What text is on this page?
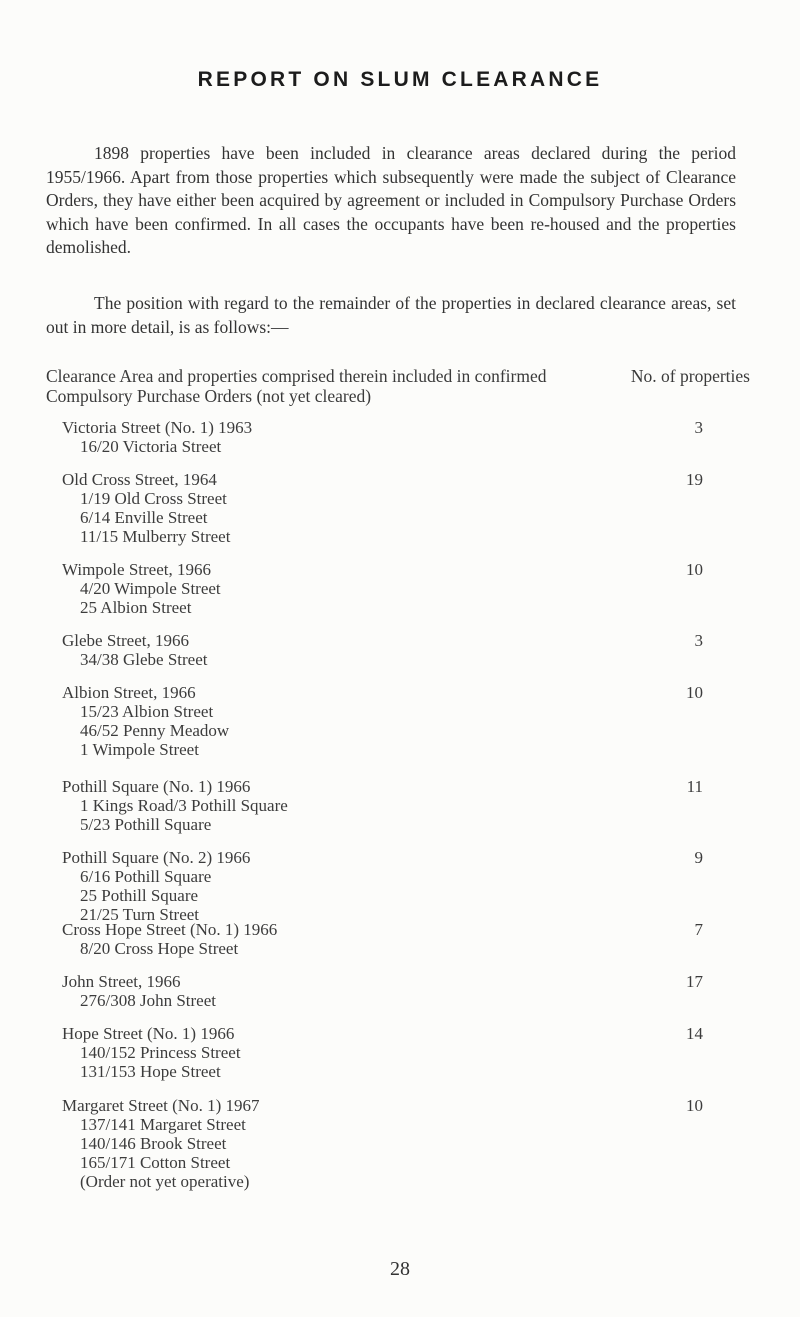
REPORT ON SLUM CLEARANCE

1898 properties have been included in clearance areas declared during the period 1955/1966. Apart from those properties which subsequently were made the subject of Clearance Orders, they have either been acquired by agreement or included in Compulsory Purchase Orders which have been confirmed. In all cases the occupants have been re-housed and the properties demolished.

The position with regard to the remainder of the properties in declared clearance areas, set out in more detail, is as follows:—

Clearance Area and properties comprised therein included in confirmed Compulsory Purchase Orders (not yet cleared)
No. of properties
Victoria Street (No. 1) 1963
16/20 Victoria Street
3
Old Cross Street, 1964
1/19 Old Cross Street
6/14 Enville Street
11/15 Mulberry Street
19
Wimpole Street, 1966
4/20 Wimpole Street
25 Albion Street
10
Glebe Street, 1966
34/38 Glebe Street
3
Albion Street, 1966
15/23 Albion Street
46/52 Penny Meadow
1 Wimpole Street
10
Pothill Square (No. 1) 1966
1 Kings Road/3 Pothill Square
5/23 Pothill Square
11
Pothill Square (No. 2) 1966
6/16 Pothill Square
25 Pothill Square
21/25 Turn Street
9
Cross Hope Street (No. 1) 1966
8/20 Cross Hope Street
7
John Street, 1966
276/308 John Street
17
Hope Street (No. 1) 1966
140/152 Princess Street
131/153 Hope Street
14
Margaret Street (No. 1) 1967
137/141 Margaret Street
140/146 Brook Street
165/171 Cotton Street
(Order not yet operative)
10
28
